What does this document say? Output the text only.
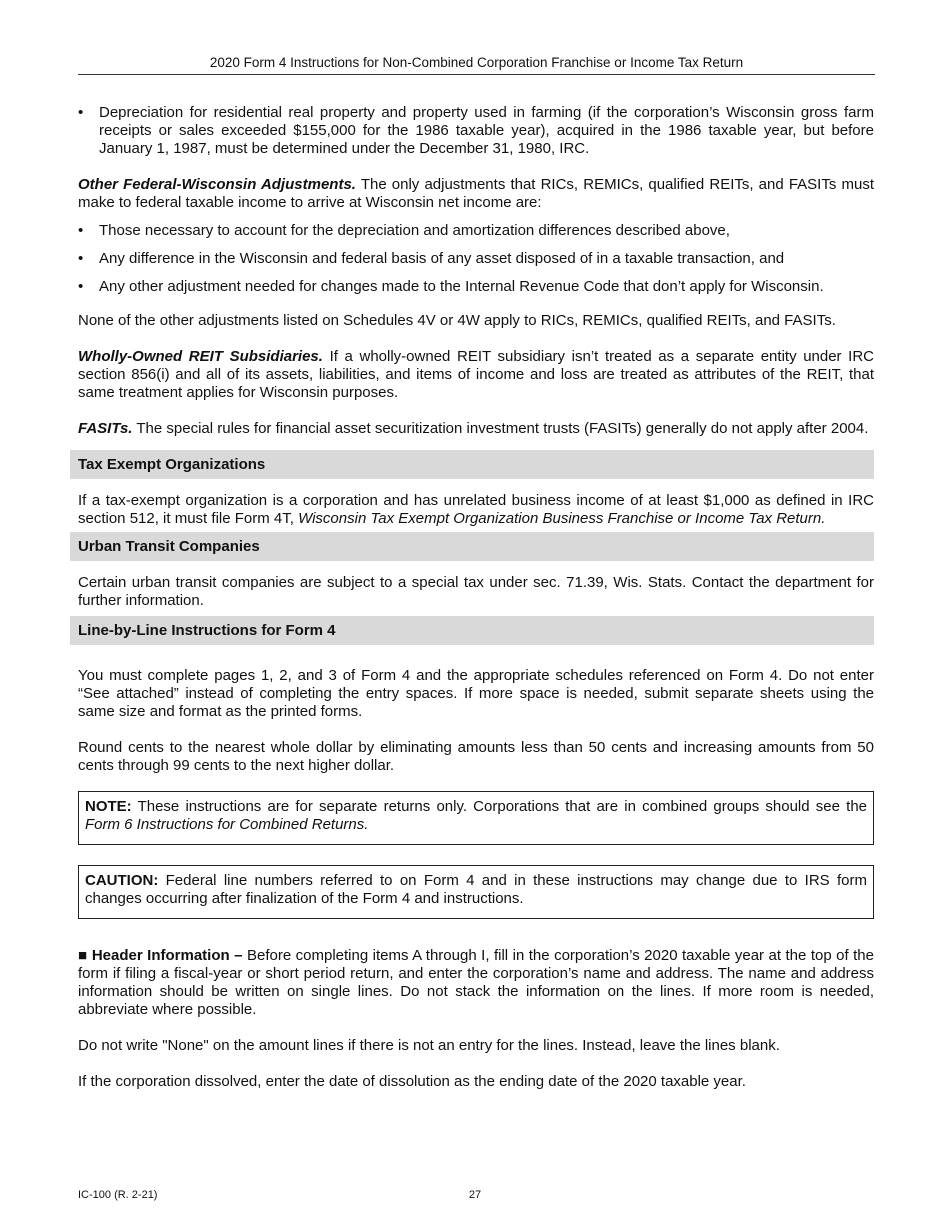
2020 Form 4 Instructions for Non-Combined Corporation Franchise or Income Tax Return
• Depreciation for residential real property and property used in farming (if the corporation’s Wisconsin gross farm receipts or sales exceeded $155,000 for the 1986 taxable year), acquired in the 1986 taxable year, but before January 1, 1987, must be determined under the December 31, 1980, IRC.

Other Federal-Wisconsin Adjustments. The only adjustments that RICs, REMICs, qualified REITs, and FASITs must make to federal taxable income to arrive at Wisconsin net income are:

• Those necessary to account for the depreciation and amortization differences described above,
• Any difference in the Wisconsin and federal basis of any asset disposed of in a taxable transaction, and
• Any other adjustment needed for changes made to the Internal Revenue Code that don’t apply for Wisconsin.

None of the other adjustments listed on Schedules 4V or 4W apply to RICs, REMICs, qualified REITs, and FASITs.

Wholly-Owned REIT Subsidiaries. If a wholly-owned REIT subsidiary isn’t treated as a separate entity under IRC section 856(i) and all of its assets, liabilities, and items of income and loss are treated as attributes of the REIT, that same treatment applies for Wisconsin purposes.

FASITs. The special rules for financial asset securitization investment trusts (FASITs) generally do not apply after 2004.

Tax Exempt Organizations

If a tax-exempt organization is a corporation and has unrelated business income of at least $1,000 as defined in IRC section 512, it must file Form 4T, Wisconsin Tax Exempt Organization Business Franchise or Income Tax Return.

Urban Transit Companies

Certain urban transit companies are subject to a special tax under sec. 71.39, Wis. Stats. Contact the department for further information.

Line-by-Line Instructions for Form 4

You must complete pages 1, 2, and 3 of Form 4 and the appropriate schedules referenced on Form 4. Do not enter “See attached” instead of completing the entry spaces. If more space is needed, submit separate sheets using the same size and format as the printed forms.

Round cents to the nearest whole dollar by eliminating amounts less than 50 cents and increasing amounts from 50 cents through 99 cents to the next higher dollar.

NOTE: These instructions are for separate returns only. Corporations that are in combined groups should see the Form 6 Instructions for Combined Returns.
CAUTION: Federal line numbers referred to on Form 4 and in these instructions may change due to IRS form changes occurring after finalization of the Form 4 and instructions.

■ Header Information – Before completing items A through I, fill in the corporation’s 2020 taxable year at the top of the form if filing a fiscal-year or short period return, and enter the corporation’s name and address. The name and address information should be written on single lines. Do not stack the information on the lines. If more room is needed, abbreviate where possible.

Do not write "None" on the amount lines if there is not an entry for the lines. Instead, leave the lines blank.

If the corporation dissolved, enter the date of dissolution as the ending date of the 2020 taxable year.

IC-100 (R. 2-21)	27
